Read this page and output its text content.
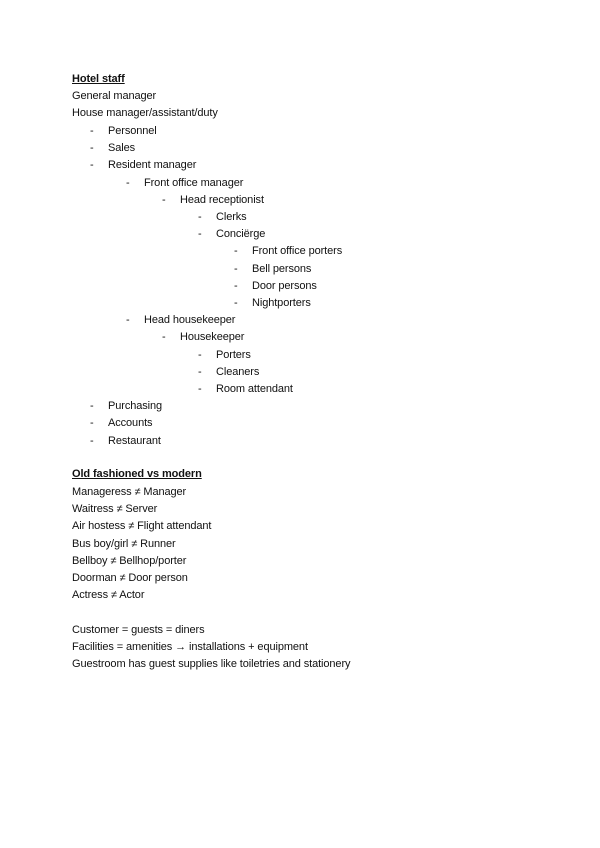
Hotel staff
General manager
House manager/assistant/duty
- Personnel
- Sales
- Resident manager
- Front office manager
- Head receptionist
- Clerks
- Conciërge
- Front office porters
- Bell persons
- Door persons
- Nightporters
- Head housekeeper
- Housekeeper
- Porters
- Cleaners
- Room attendant
- Purchasing
- Accounts
- Restaurant
Old fashioned vs modern
Manageress ≠ Manager
Waitress ≠ Server
Air hostess ≠ Flight attendant
Bus boy/girl ≠ Runner
Bellboy ≠ Bellhop/porter
Doorman ≠ Door person
Actress ≠ Actor
Customer = guests = diners
Facilities = amenities → installations + equipment
Guestroom has guest supplies like toiletries and stationery
